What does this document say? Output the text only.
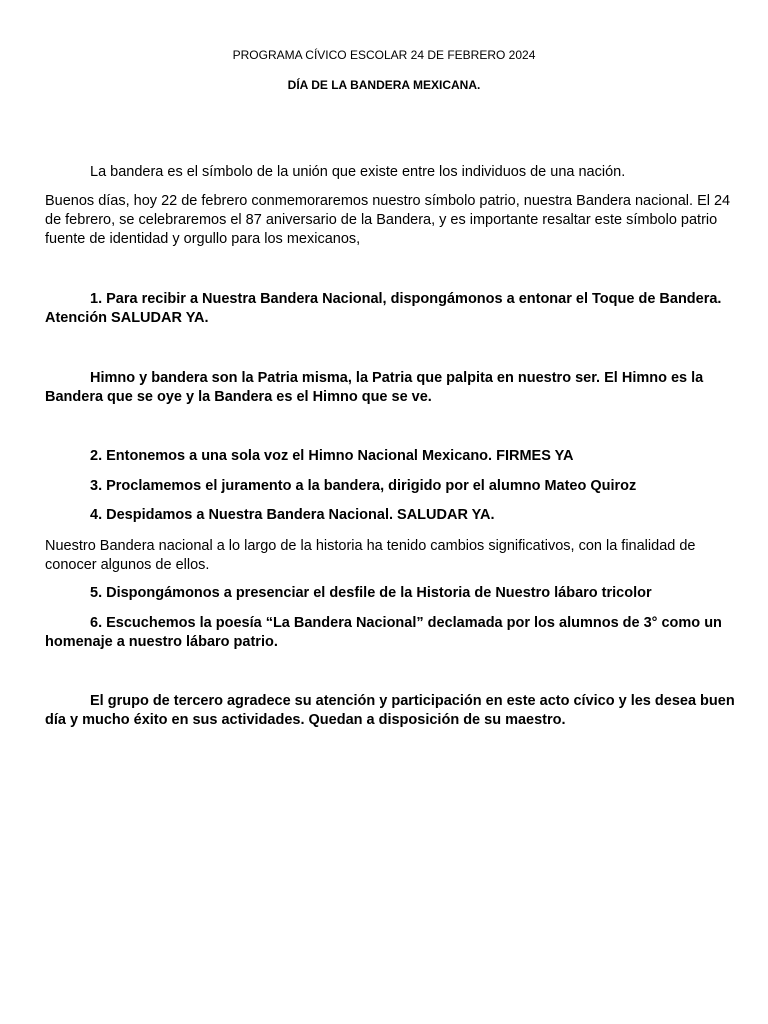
PROGRAMA CÍVICO ESCOLAR 24 DE FEBRERO 2024
DÍA DE LA BANDERA MEXICANA.

La bandera es el símbolo de la unión que existe entre los individuos de una nación.

Buenos días, hoy 22 de febrero conmemoraremos nuestro símbolo patrio, nuestra Bandera nacional. El 24 de febrero, se celebraremos el 87 aniversario de la Bandera, y es importante resaltar este símbolo patrio fuente de identidad y orgullo para los mexicanos,

1. Para recibir a Nuestra Bandera Nacional, dispongámonos a entonar el Toque de Bandera. Atención SALUDAR YA.

Himno y bandera son la Patria misma, la Patria que palpita en nuestro ser. El Himno es la Bandera que se oye y la Bandera es el Himno que se ve.

2. Entonemos a una sola voz el Himno Nacional Mexicano. FIRMES YA

3. Proclamemos el juramento a la bandera, dirigido por el alumno Mateo Quiroz

4. Despidamos a Nuestra Bandera Nacional. SALUDAR YA.

Nuestro Bandera nacional a lo largo de la historia ha tenido cambios significativos, con la finalidad de conocer algunos de ellos.

5. Dispongámonos a presenciar el desfile de la Historia de Nuestro lábaro tricolor

6. Escuchemos la poesía “La Bandera Nacional” declamada por los alumnos de 3° como un homenaje a nuestro lábaro patrio.

El grupo de tercero agradece su atención y participación en este acto cívico y les desea buen día y mucho éxito en sus actividades. Quedan a disposición de su maestro.
